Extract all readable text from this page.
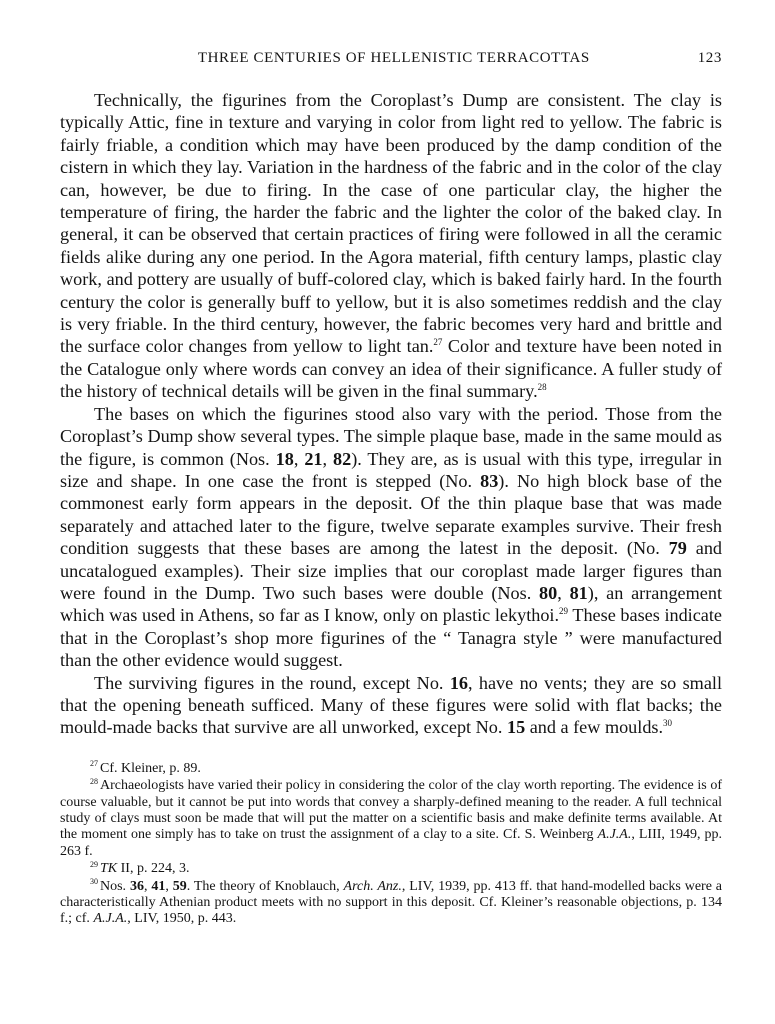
THREE CENTURIES OF HELLENISTIC TERRACOTTAS	123

Technically, the figurines from the Coroplast’s Dump are consistent. The clay is typically Attic, fine in texture and varying in color from light red to yellow. The fabric is fairly friable, a condition which may have been produced by the damp condition of the cistern in which they lay. Variation in the hardness of the fabric and in the color of the clay can, however, be due to firing. In the case of one particular clay, the higher the temperature of firing, the harder the fabric and the lighter the color of the baked clay. In general, it can be observed that certain practices of firing were followed in all the ceramic fields alike during any one period. In the Agora material, fifth century lamps, plastic clay work, and pottery are usually of buff-colored clay, which is baked fairly hard. In the fourth century the color is generally buff to yellow, but it is also sometimes reddish and the clay is very friable. In the third century, however, the fabric becomes very hard and brittle and the surface color changes from yellow to light tan.$^{27}$ Color and texture have been noted in the Catalogue only where words can convey an idea of their significance. A fuller study of the history of technical details will be given in the final summary.$^{28}$

The bases on which the figurines stood also vary with the period. Those from the Coroplast’s Dump show several types. The simple plaque base, made in the same mould as the figure, is common (Nos. 18, 21, 82). They are, as is usual with this type, irregular in size and shape. In one case the front is stepped (No. 83). No high block base of the commonest early form appears in the deposit. Of the thin plaque base that was made separately and attached later to the figure, twelve separate examples survive. Their fresh condition suggests that these bases are among the latest in the deposit. (No. 79 and uncatalogued examples). Their size implies that our coroplast made larger figures than were found in the Dump. Two such bases were double (Nos. 80, 81), an arrangement which was used in Athens, so far as I know, only on plastic lekythoi.$^{29}$ These bases indicate that in the Coroplast’s shop more figurines of the “ Tanagra style ” were manufactured than the other evidence would suggest.

The surviving figures in the round, except No. 16, have no vents; they are so small that the opening beneath sufficed. Many of these figures were solid with flat backs; the mould-made backs that survive are all unworked, except No. 15 and a few moulds.$^{30}$

$^{27}$ Cf. Kleiner, p. 89.

$^{28}$ Archaeologists have varied their policy in considering the color of the clay worth reporting. The evidence is of course valuable, but it cannot be put into words that convey a sharply-defined meaning to the reader. A full technical study of clays must soon be made that will put the matter on a scientific basis and make definite terms available. At the moment one simply has to take on trust the assignment of a clay to a site. Cf. S. Weinberg A.J.A., LIII, 1949, pp. 263 f.

$^{29}$ TK II, p. 224, 3.

$^{30}$ Nos. 36, 41, 59. The theory of Knoblauch, Arch. Anz., LIV, 1939, pp. 413 ff. that hand-modelled backs were a characteristically Athenian product meets with no support in this deposit. Cf. Kleiner’s reasonable objections, p. 134 f.; cf. A.J.A., LIV, 1950, p. 443.
